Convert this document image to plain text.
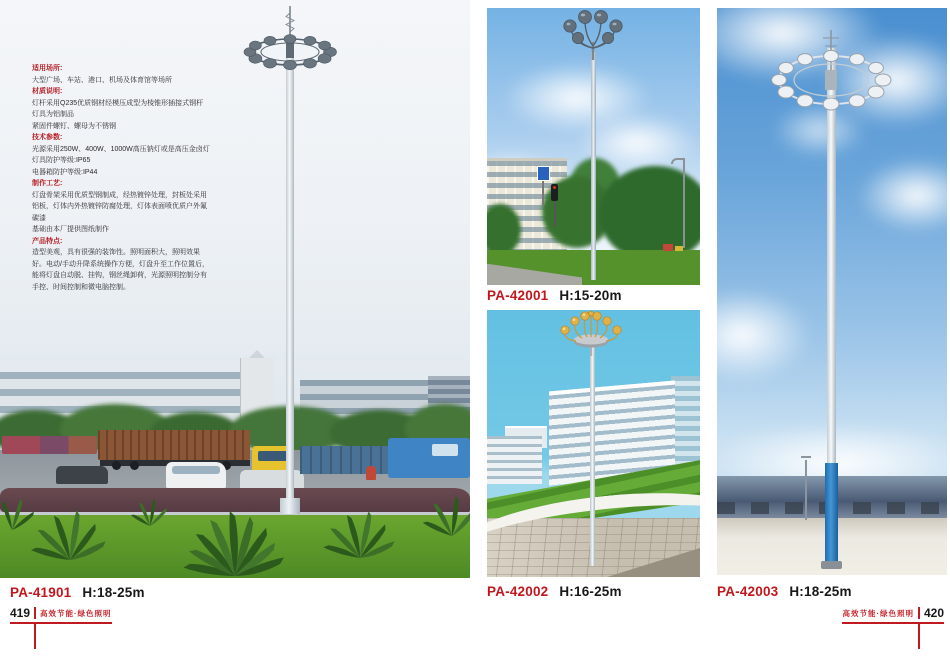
适用场所:
大型广场、车站、港口、机场及体育馆等场所
材质说明:
灯杆采用Q235优质钢材经模压成型为棱锥形插接式钢杆
灯具为铝制品
紧固件螺钉、螺母为不锈钢
技术参数:
光源采用250W、400W、1000W高压钠灯或是高压金卤灯
灯具防护等级:IP65
电器箱防护等级:IP44
制作工艺:
灯盘骨架采用优质型钢制成，经热镀锌处理，封板处采用铝板，灯体内外热镀锌防腐处理，灯体表面喷优质户外氟碳漆
基础由本厂提供图纸制作
产品特点:
造型美观，具有很强的装饰性。照明面积大，照明效果好。电动/手动升降系统操作方便，灯盘升至工作位置后，能将灯盘自动脱、挂钩，钢丝绳卸荷，光源照明控制分有手控、时间控制和微电脑控制。
PA-41901 H:18-25m
PA-42001 H:15-20m
PA-42002 H:16-25m	PA-42003 H:18-25m
419 高效节能·绿色照明	高效节能·绿色照明 420
